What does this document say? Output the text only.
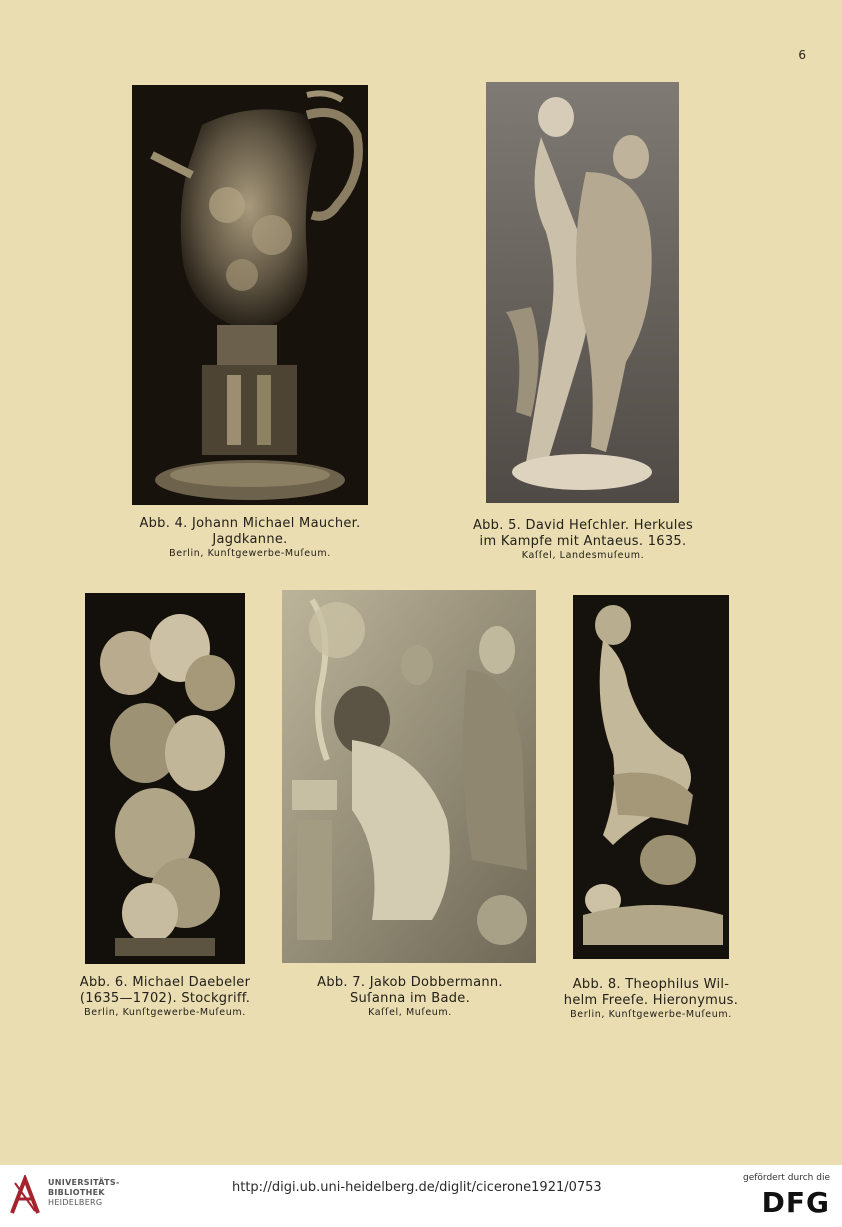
6
Abb. 4. Johann Michael Maucher.
Jagdkanne.
Berlin, Kunſtgewerbe-Muſeum.
Abb. 5. David Heſchler. Herkules
im Kampfe mit Antaeus. 1635.
Kaſſel, Landesmuſeum.
Abb. 6. Michael Daebeler
(1635—1702). Stockgriff.
Berlin, Kunſtgewerbe-Muſeum.
Abb. 7. Jakob Dobbermann.
Suſanna im Bade.
Kaſſel, Muſeum.
Abb. 8. Theophilus Wil-
helm Freeſe. Hieronymus.
Berlin, Kunſtgewerbe-Muſeum.
UNIVERSITÄTS-
BIBLIOTHEK
HEIDELBERG
http://digi.ub.uni-heidelberg.de/diglit/cicerone1921/0753
gefördert durch die
DFG
